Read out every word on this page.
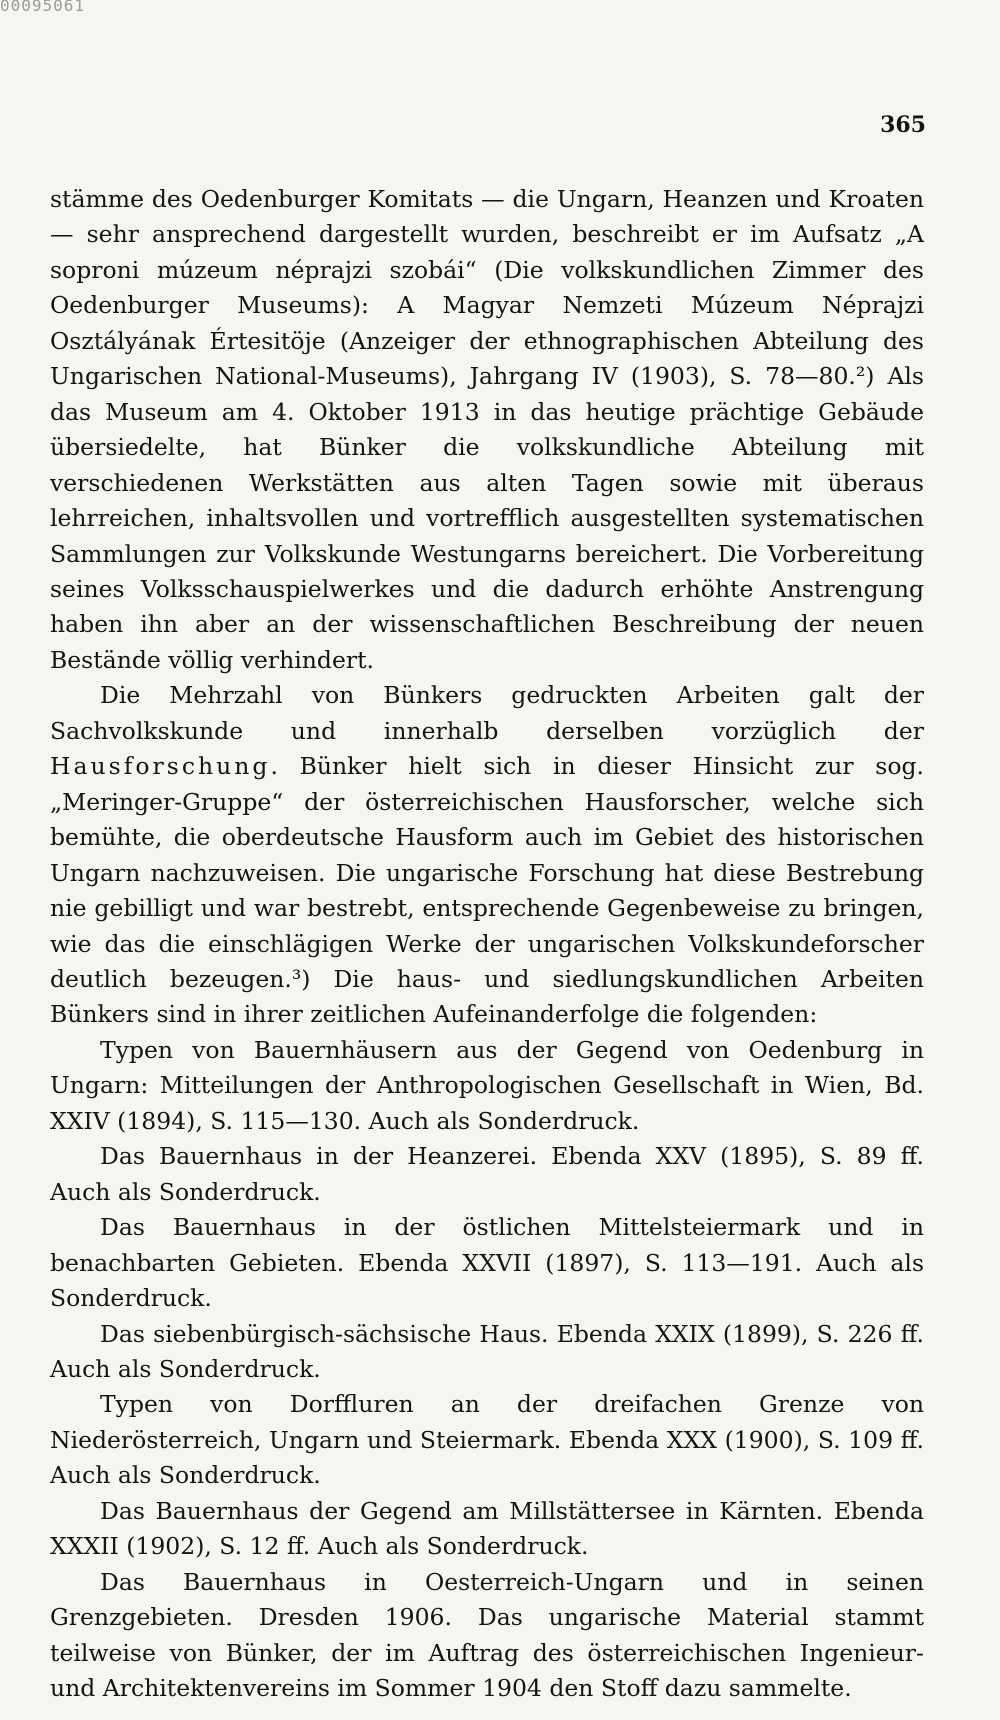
00095061
365

stämme des Oedenburger Komitats — die Ungarn, Heanzen und Kroaten — sehr ansprechend dargestellt wurden, beschreibt er im Aufsatz „A soproni múzeum néprajzi szobái“ (Die volkskundlichen Zimmer des Oedenburger Museums): A Magyar Nemzeti Múzeum Néprajzi Osztályának Értesitöje (Anzeiger der ethnographischen Abteilung des Ungarischen National-Museums), Jahrgang IV (1903), S. 78—80.²) Als das Museum am 4. Oktober 1913 in das heutige prächtige Gebäude übersiedelte, hat Bünker die volkskundliche Abteilung mit verschiedenen Werkstätten aus alten Tagen sowie mit überaus lehrreichen, inhaltsvollen und vortrefflich ausgestellten systematischen Sammlungen zur Volkskunde Westungarns bereichert. Die Vorbereitung seines Volksschauspielwerkes und die dadurch erhöhte Anstrengung haben ihn aber an der wissenschaftlichen Beschreibung der neuen Bestände völlig verhindert.

Die Mehrzahl von Bünkers gedruckten Arbeiten galt der Sachvolkskunde und innerhalb derselben vorzüglich der Hausforschung. Bünker hielt sich in dieser Hinsicht zur sog. „Meringer-Gruppe“ der österreichischen Hausforscher, welche sich bemühte, die oberdeutsche Hausform auch im Gebiet des historischen Ungarn nachzuweisen. Die ungarische Forschung hat diese Bestrebung nie gebilligt und war bestrebt, entsprechende Gegenbeweise zu bringen, wie das die einschlägigen Werke der ungarischen Volkskundeforscher deutlich bezeugen.³) Die haus- und siedlungskundlichen Arbeiten Bünkers sind in ihrer zeitlichen Aufeinanderfolge die folgenden:

Typen von Bauernhäusern aus der Gegend von Oedenburg in Ungarn: Mitteilungen der Anthropologischen Gesellschaft in Wien, Bd. XXIV (1894), S. 115—130. Auch als Sonderdruck.

Das Bauernhaus in der Heanzerei. Ebenda XXV (1895), S. 89 ff. Auch als Sonderdruck.

Das Bauernhaus in der östlichen Mittelsteiermark und in benachbarten Gebieten. Ebenda XXVII (1897), S. 113—191. Auch als Sonderdruck.

Das siebenbürgisch-sächsische Haus. Ebenda XXIX (1899), S. 226 ff. Auch als Sonderdruck.

Typen von Dorffluren an der dreifachen Grenze von Niederösterreich, Ungarn und Steiermark. Ebenda XXX (1900), S. 109 ff. Auch als Sonderdruck.

Das Bauernhaus der Gegend am Millstättersee in Kärnten. Ebenda XXXII (1902), S. 12 ff. Auch als Sonderdruck.

Das Bauernhaus in Oesterreich-Ungarn und in seinen Grenzgebieten. Dresden 1906. Das ungarische Material stammt teilweise von Bünker, der im Auftrag des österreichischen Ingenieur- und Architektenvereins im Sommer 1904 den Stoff dazu sammelte.
